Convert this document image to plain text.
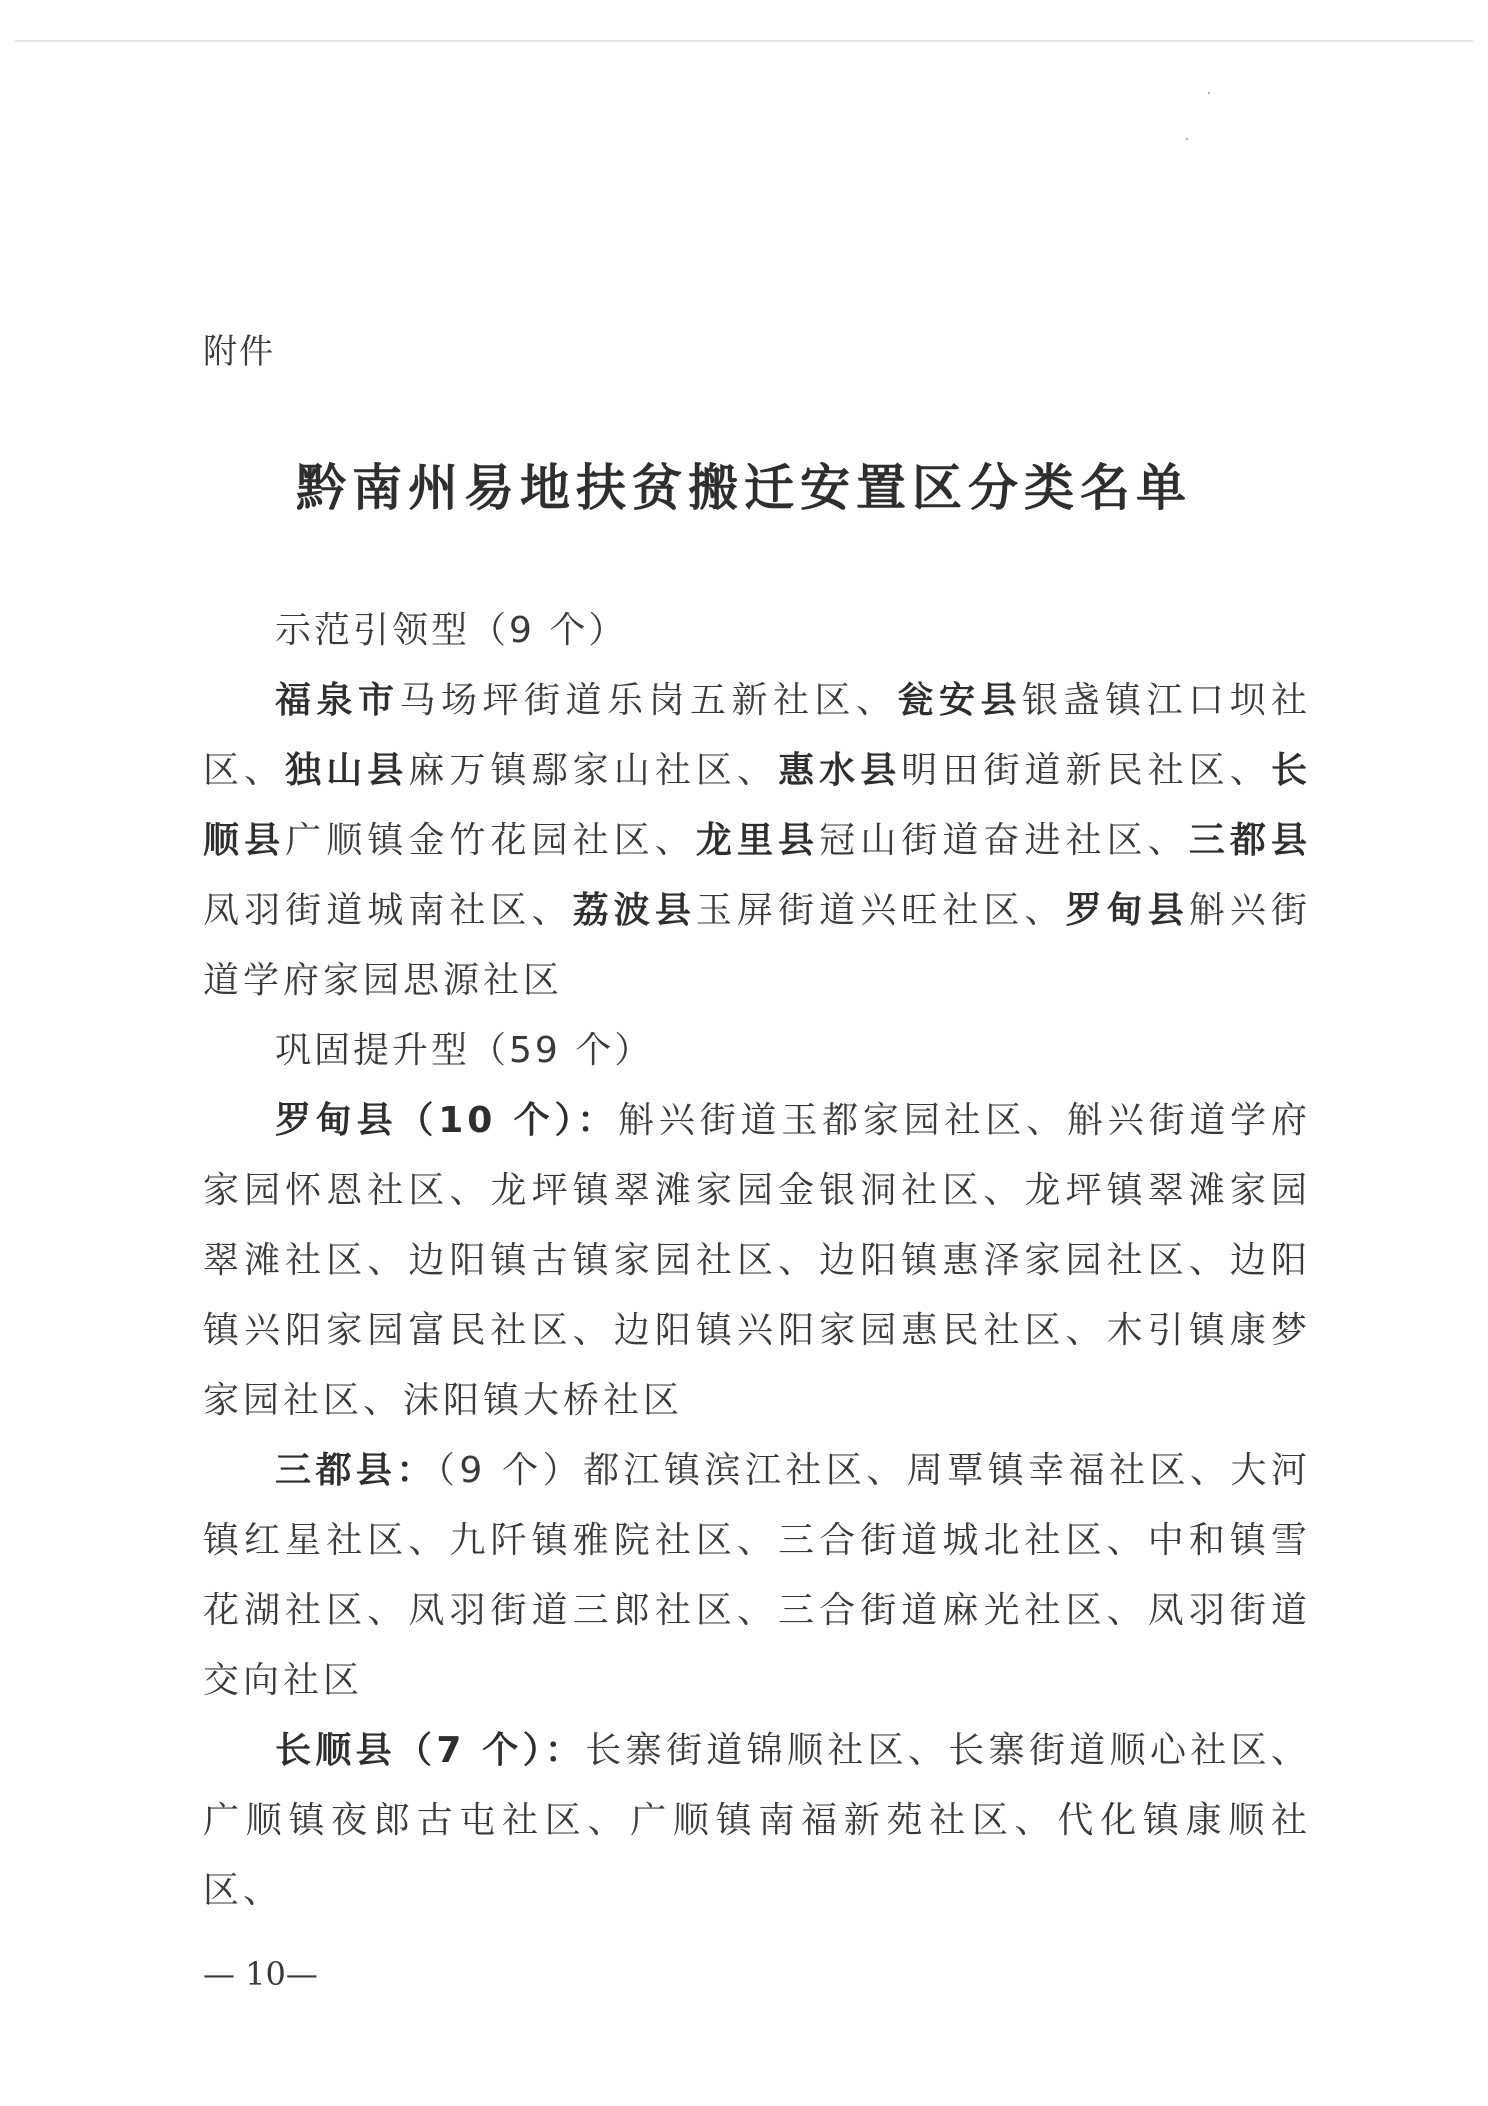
附件

黔南州易地扶贫搬迁安置区分类名单

示范引领型（9 个）

福泉市马场坪街道乐岗五新社区、瓮安县银盏镇江口坝社区、独山县麻万镇鄢家山社区、惠水县明田街道新民社区、长顺县广顺镇金竹花园社区、龙里县冠山街道奋进社区、三都县凤羽街道城南社区、荔波县玉屏街道兴旺社区、罗甸县斛兴街道学府家园思源社区

巩固提升型（59 个）

罗甸县（10 个）：斛兴街道玉都家园社区、斛兴街道学府家园怀恩社区、龙坪镇翠滩家园金银洞社区、龙坪镇翠滩家园翠滩社区、边阳镇古镇家园社区、边阳镇惠泽家园社区、边阳镇兴阳家园富民社区、边阳镇兴阳家园惠民社区、木引镇康梦家园社区、沫阳镇大桥社区

三都县：（9 个）都江镇滨江社区、周覃镇幸福社区、大河镇红星社区、九阡镇雅院社区、三合街道城北社区、中和镇雪花湖社区、凤羽街道三郎社区、三合街道麻光社区、凤羽街道交向社区

长顺县（7 个）：长寨街道锦顺社区、长寨街道顺心社区、广顺镇夜郎古屯社区、广顺镇南福新苑社区、代化镇康顺社区、

— 10—
